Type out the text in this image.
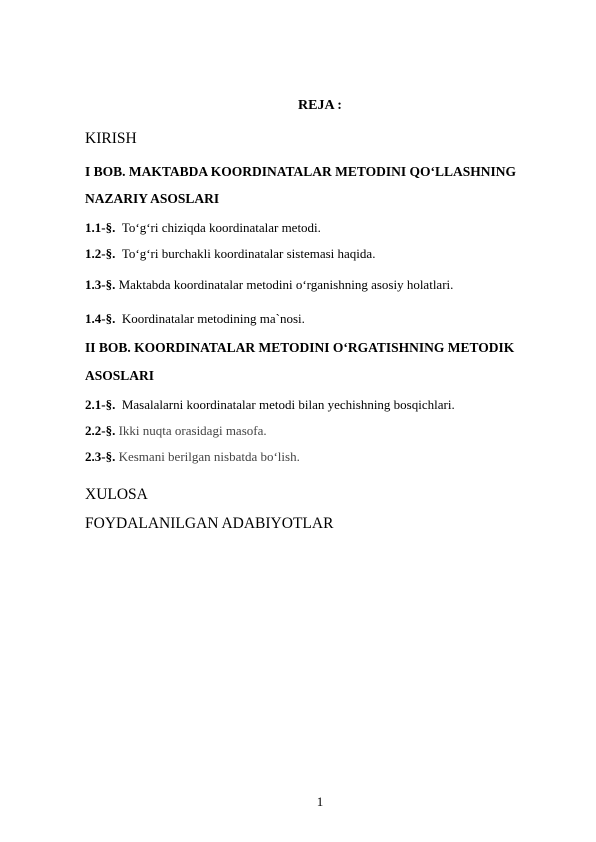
REJA :
KIRISH
I BOB. MAKTABDA KOORDINATALAR METODINI QO‘LLASHNING
NAZARIY ASOSLARI
1.1-§. To‘g‘ri chiziqda koordinatalar metodi.
1.2-§. To‘g‘ri burchakli koordinatalar sistemasi haqida.
1.3-§. Maktabda koordinatalar metodini o‘rganishning asosiy holatlari.
1.4-§. Koordinatalar metodining ma`nosi.
II BOB. KOORDINATALAR METODINI O‘RGATISHNING METODIK
ASOSLARI
2.1-§. Masalalarni koordinatalar metodi bilan yechishning bosqichlari.
2.2-§. Ikki nuqta orasidagi masofa.
2.3-§. Kesmani berilgan nisbatda bo‘lish.
XULOSA
FOYDALANILGAN ADABIYOTLAR
1
